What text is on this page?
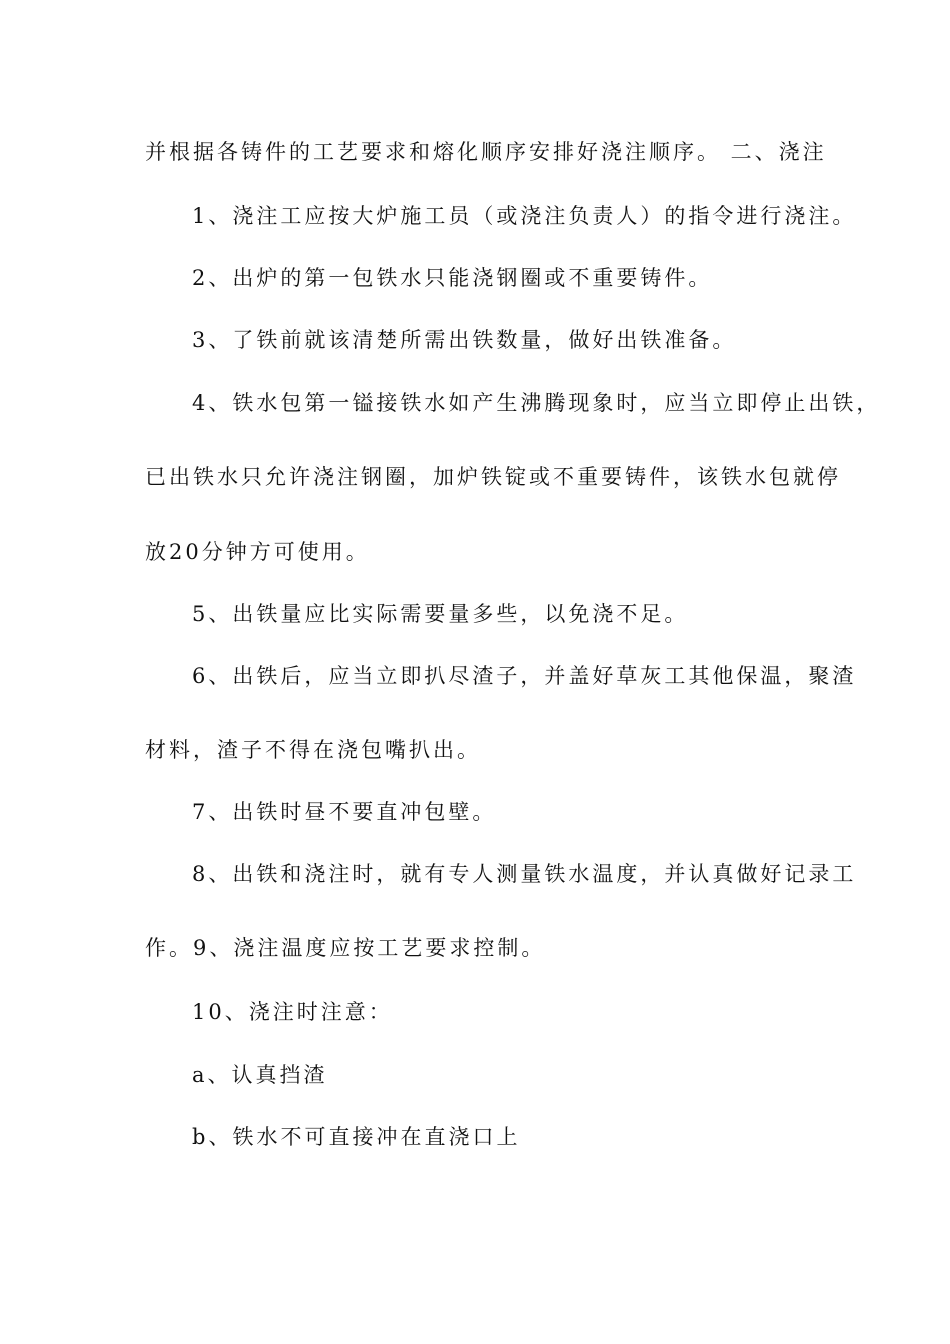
并根据各铸件的工艺要求和熔化顺序安排好浇注顺序。 二、浇注
1、浇注工应按大炉施工员（或浇注负责人）的指令进行浇注。
2、出炉的第一包铁水只能浇钢圈或不重要铸件。
3、了铁前就该清楚所需出铁数量，做好出铁准备。
4、铁水包第一镒接铁水如产生沸腾现象时，应当立即停止出铁，
已出铁水只允许浇注钢圈，加炉铁锭或不重要铸件，该铁水包就停
放20分钟方可使用。
5、出铁量应比实际需要量多些，以免浇不足。
6、出铁后，应当立即扒尽渣子，并盖好草灰工其他保温，聚渣
材料，渣子不得在浇包嘴扒出。
7、出铁时昼不要直冲包壁。
8、出铁和浇注时，就有专人测量铁水温度，并认真做好记录工
作。9、浇注温度应按工艺要求控制。
10、浇注时注意：
a、认真挡渣
b、铁水不可直接冲在直浇口上
